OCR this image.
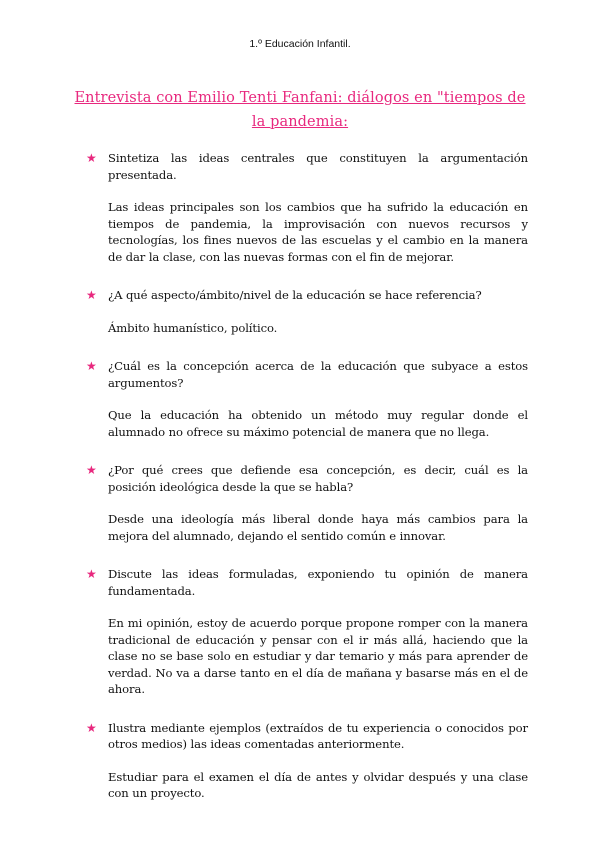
1.º Educación Infantil.
Entrevista con Emilio Tenti Fanfani: diálogos en "tiempos de la pandemia:
★ Sintetiza las ideas centrales que constituyen la argumentación presentada.
Las ideas principales son los cambios que ha sufrido la educación en tiempos de pandemia, la improvisación con nuevos recursos y tecnologías, los fines nuevos de las escuelas y el cambio en la manera de dar la clase, con las nuevas formas con el fin de mejorar.
★ ¿A qué aspecto/ámbito/nivel de la educación se hace referencia?
Ámbito humanístico, político.
★ ¿Cuál es la concepción acerca de la educación que subyace a estos argumentos?
Que la educación ha obtenido un método muy regular donde el alumnado no ofrece su máximo potencial de manera que no llega.
★ ¿Por qué crees que defiende esa concepción, es decir, cuál es la posición ideológica desde la que se habla?
Desde una ideología más liberal donde haya más cambios para la mejora del alumnado, dejando el sentido común e innovar.
★ Discute las ideas formuladas, exponiendo tu opinión de manera fundamentada.
En mi opinión, estoy de acuerdo porque propone romper con la manera tradicional de educación y pensar con el ir más allá, haciendo que la clase no se base solo en estudiar y dar temario y más para aprender de verdad. No va a darse tanto en el día de mañana y basarse más en el de ahora.
★ Ilustra mediante ejemplos (extraídos de tu experiencia o conocidos por otros medios) las ideas comentadas anteriormente.
Estudiar para el examen el día de antes y olvidar después y una clase con un proyecto.
